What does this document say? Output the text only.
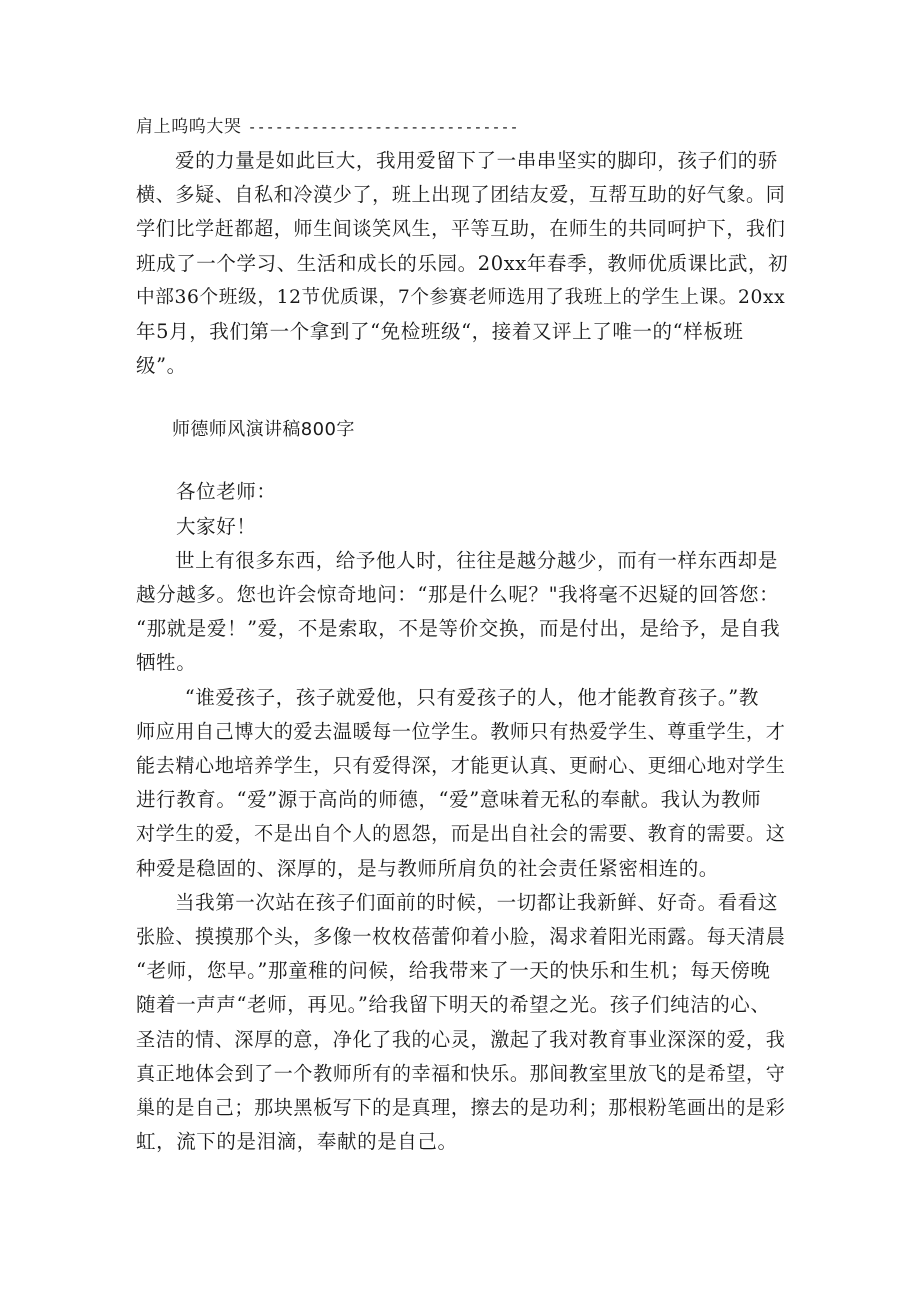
肩上呜呜大哭 ------------------------------
爱的力量是如此巨大，我用爱留下了一串串坚实的脚印，孩子们的骄
横、多疑、自私和冷漠少了，班上出现了团结友爱，互帮互助的好气象。同
学们比学赶都超，师生间谈笑风生，平等互助，在师生的共同呵护下，我们
班成了一个学习、生活和成长的乐园。20xx年春季，教师优质课比武，初
中部36个班级，12节优质课，7个参赛老师选用了我班上的学生上课。20xx
年5月，我们第一个拿到了“免检班级“，接着又评上了唯一的“样板班
级”。
师德师风演讲稿800字
各位老师：
大家好！
世上有很多东西，给予他人时，往往是越分越少，而有一样东西却是
越分越多。您也许会惊奇地问：“那是什么呢？"我将毫不迟疑的回答您：
“那就是爱！”爱，不是索取，不是等价交换，而是付出，是给予，是自我
牺牲。
“谁爱孩子，孩子就爱他，只有爱孩子的人，他才能教育孩子。”教
师应用自己博大的爱去温暖每一位学生。教师只有热爱学生、尊重学生，才
能去精心地培养学生，只有爱得深，才能更认真、更耐心、更细心地对学生
进行教育。“爱”源于高尚的师德，“爱”意味着无私的奉献。我认为教师
对学生的爱，不是出自个人的恩怨，而是出自社会的需要、教育的需要。这
种爱是稳固的、深厚的，是与教师所肩负的社会责任紧密相连的。
当我第一次站在孩子们面前的时候，一切都让我新鲜、好奇。看看这
张脸、摸摸那个头，多像一枚枚蓓蕾仰着小脸，渴求着阳光雨露。每天清晨
“老师，您早。”那童稚的问候，给我带来了一天的快乐和生机；每天傍晚
随着一声声“老师，再见。”给我留下明天的希望之光。孩子们纯洁的心、
圣洁的情、深厚的意，净化了我的心灵，激起了我对教育事业深深的爱，我
真正地体会到了一个教师所有的幸福和快乐。那间教室里放飞的是希望，守
巢的是自己；那块黑板写下的是真理，擦去的是功利；那根粉笔画出的是彩
虹，流下的是泪滴，奉献的是自己。
